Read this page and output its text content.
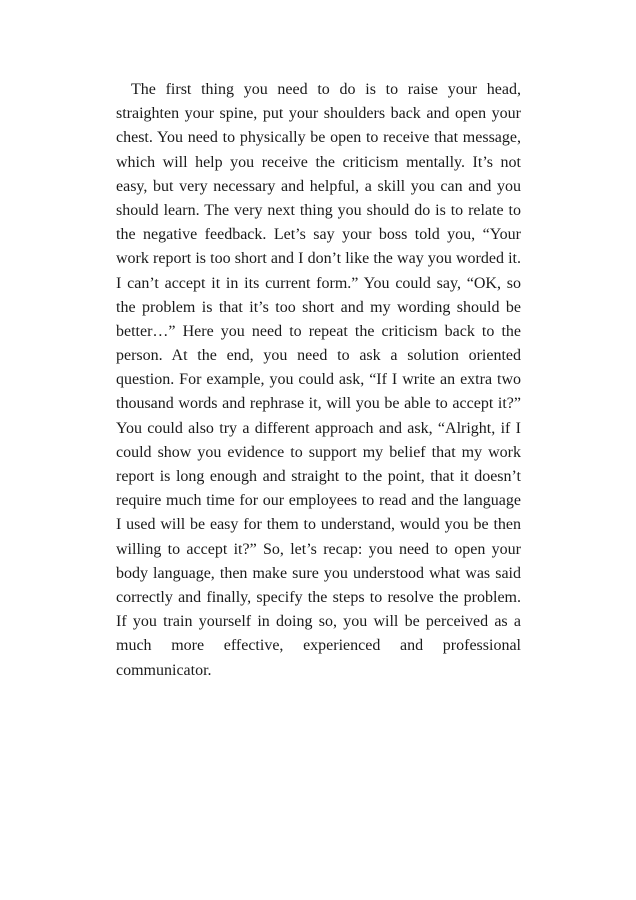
The first thing you need to do is to raise your head,
straighten your spine, put your shoulders back and open your
chest. You need to physically be open to receive that message,
which will help you receive the criticism mentally. It’s not
easy, but very necessary and helpful, a skill you can and you
should learn. The very next thing you should do is to relate to
the negative feedback. Let’s say your boss told you, “Your
work report is too short and I don’t like the way you worded it.
I can’t accept it in its current form.” You could say, “OK, so
the problem is that it’s too short and my wording should be
better…” Here you need to repeat the criticism back to the
person. At the end, you need to ask a solution oriented
question. For example, you could ask, “If I write an extra two
thousand words and rephrase it, will you be able to accept it?”
You could also try a different approach and ask, “Alright, if I
could show you evidence to support my belief that my work
report is long enough and straight to the point, that it doesn’t
require much time for our employees to read and the language
I used will be easy for them to understand, would you be then
willing to accept it?” So, let’s recap: you need to open your
body language, then make sure you understood what was said
correctly and finally, specify the steps to resolve the problem.
If you train yourself in doing so, you will be perceived as a
much more effective, experienced and professional
communicator.
